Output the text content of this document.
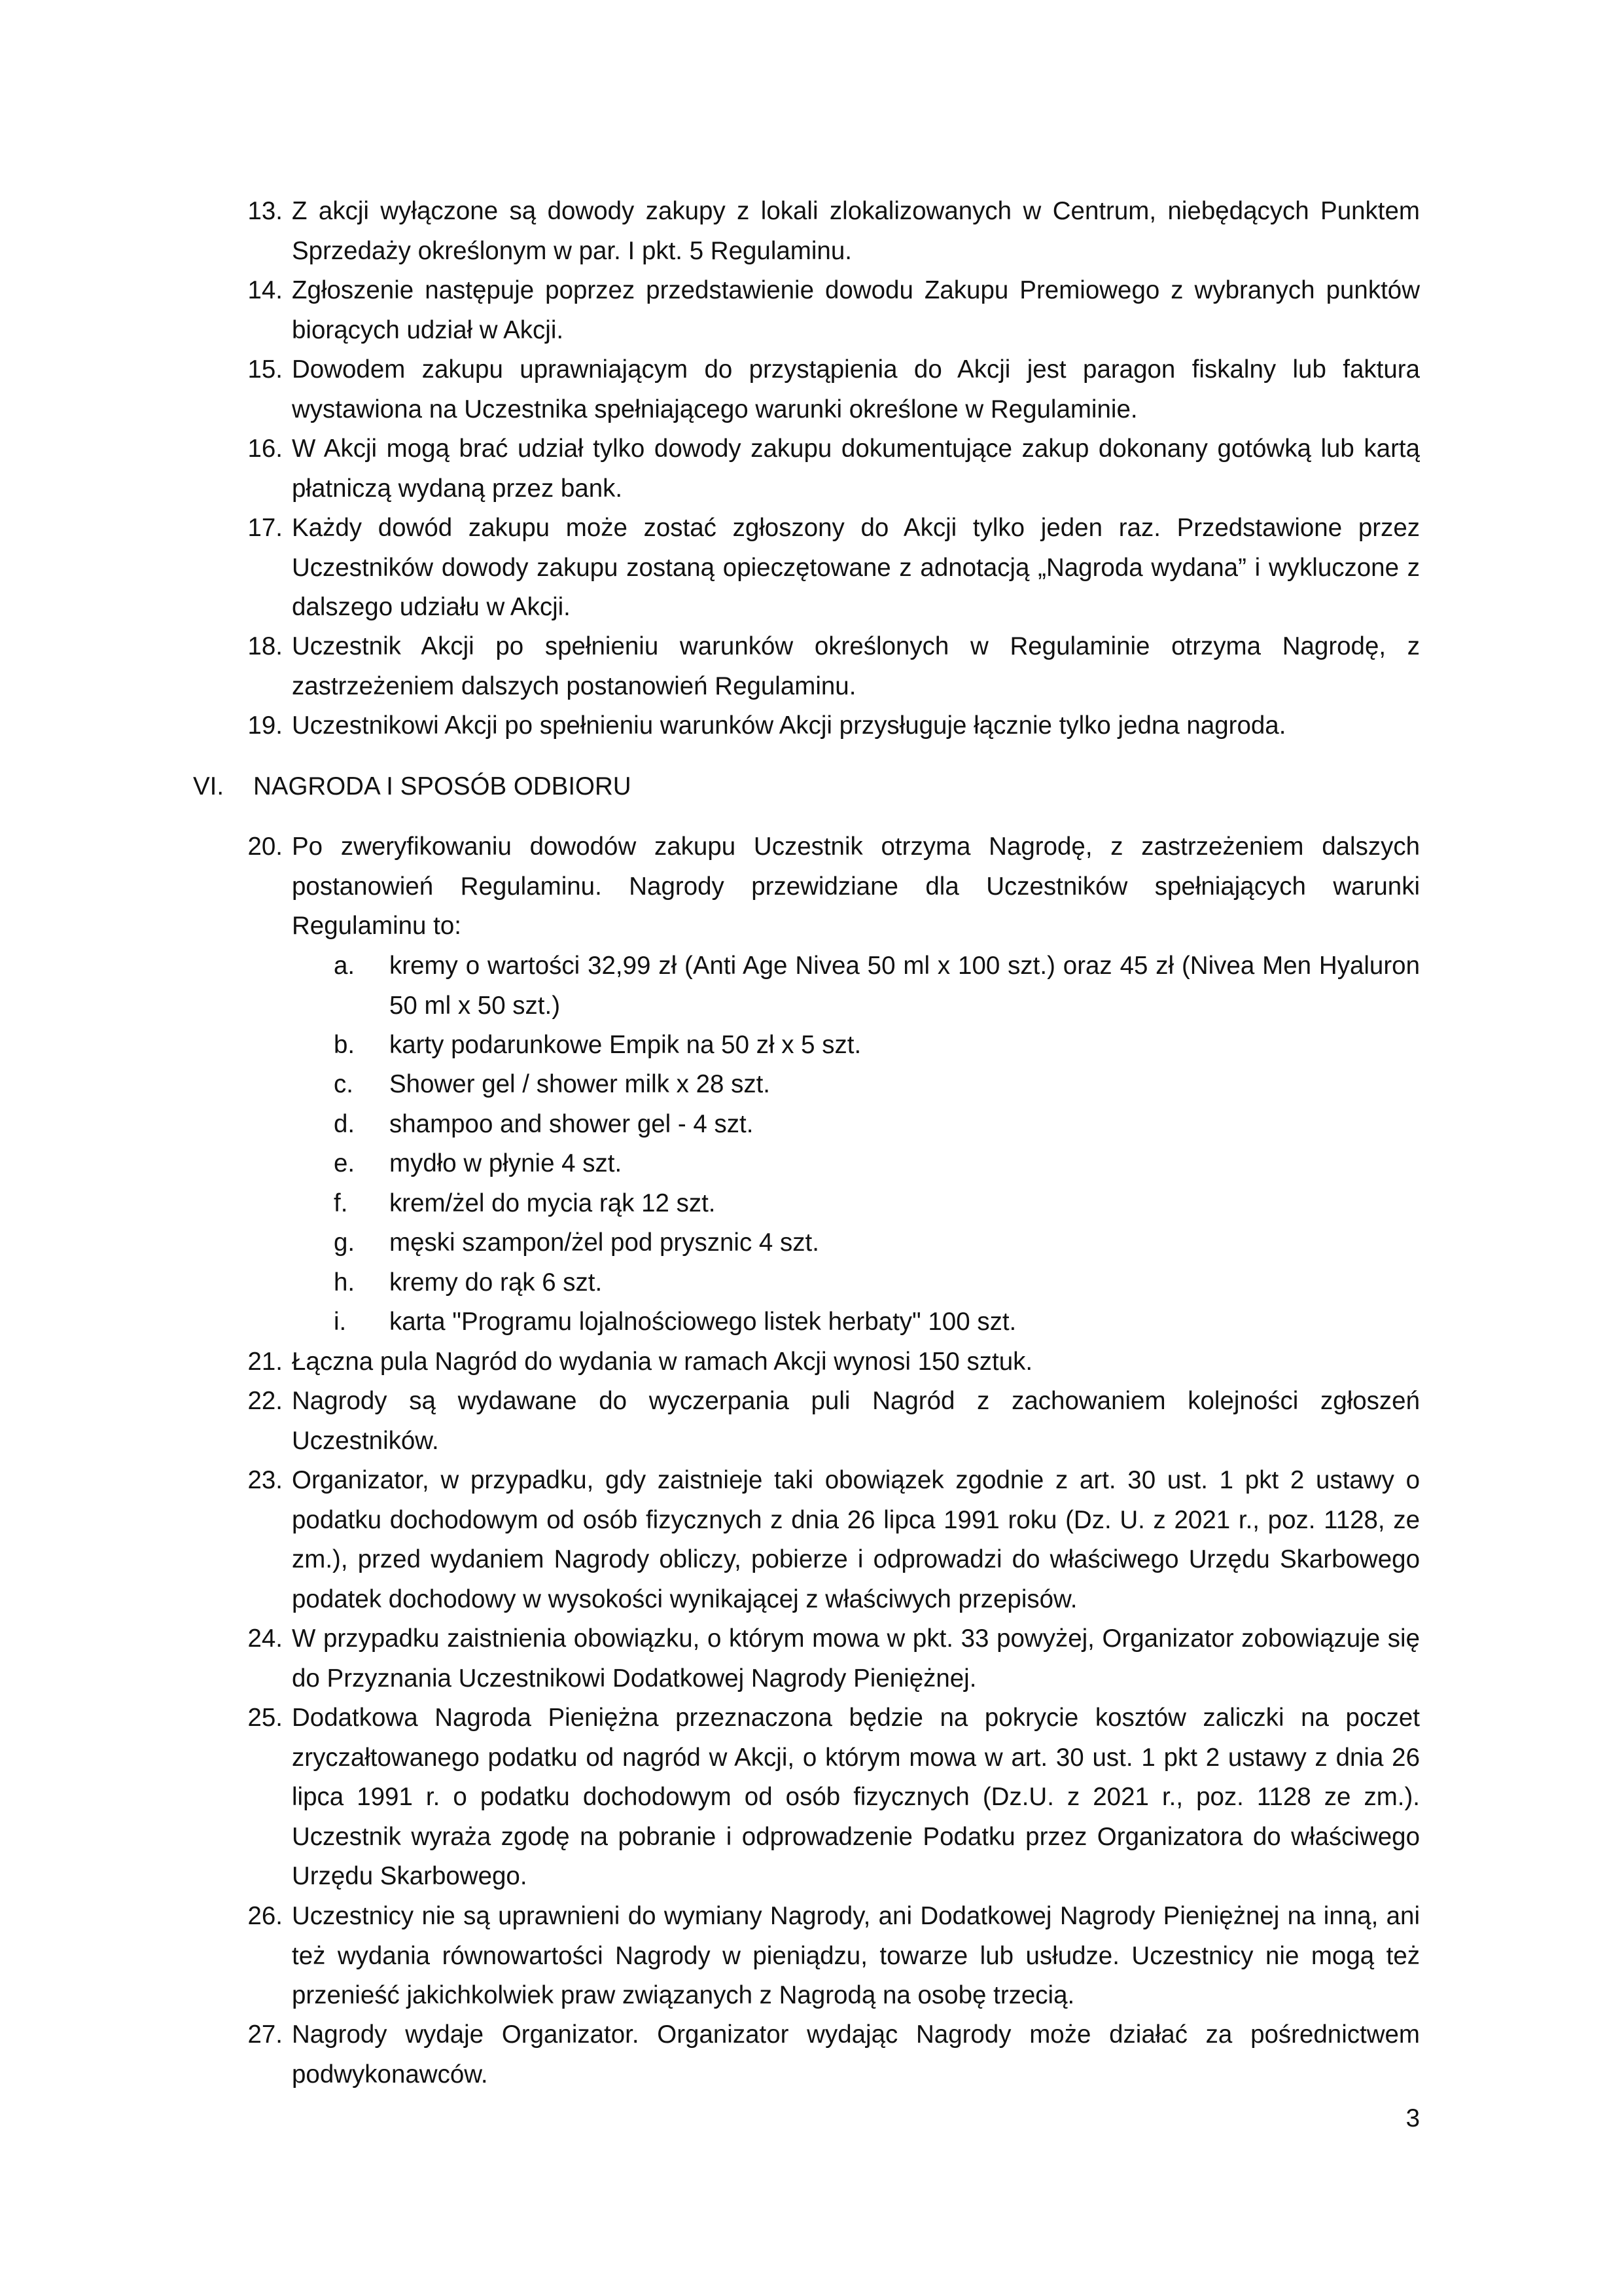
13. Z akcji wyłączone są dowody zakupy z lokali zlokalizowanych w Centrum, niebędących Punktem Sprzedaży określonym w par. I pkt. 5 Regulaminu.
14. Zgłoszenie następuje poprzez przedstawienie dowodu Zakupu Premiowego z wybranych punktów biorących udział w Akcji.
15. Dowodem zakupu uprawniającym do przystąpienia do Akcji jest paragon fiskalny lub faktura wystawiona na Uczestnika spełniającego warunki określone w Regulaminie.
16. W Akcji mogą brać udział tylko dowody zakupu dokumentujące zakup dokonany gotówką lub kartą płatniczą wydaną przez bank.
17. Każdy dowód zakupu może zostać zgłoszony do Akcji tylko jeden raz. Przedstawione przez Uczestników dowody zakupu zostaną opieczętowane z adnotacją „Nagroda wydana” i wykluczone z dalszego udziału w Akcji.
18. Uczestnik Akcji po spełnieniu warunków określonych w Regulaminie otrzyma Nagrodę, z zastrzeżeniem dalszych postanowień Regulaminu.
19. Uczestnikowi Akcji po spełnieniu warunków Akcji przysługuje łącznie tylko jedna nagroda.
VI. NAGRODA I SPOSÓB ODBIORU
20. Po zweryfikowaniu dowodów zakupu Uczestnik otrzyma Nagrodę, z zastrzeżeniem dalszych postanowień Regulaminu. Nagrody przewidziane dla Uczestników spełniających warunki Regulaminu to:
a.	kremy o wartości 32,99 zł (Anti Age Nivea 50 ml x 100 szt.) oraz 45 zł (Nivea Men Hyaluron 50 ml x 50 szt.)
b.	karty podarunkowe Empik na 50 zł x 5 szt.
c.	Shower gel / shower milk x 28 szt.
d.	shampoo and shower gel - 4 szt.
e.	mydło w płynie 4 szt.
f.	krem/żel do mycia rąk 12 szt.
g.	męski szampon/żel pod prysznic 4 szt.
h.	kremy do rąk 6 szt.
i.	karta "Programu lojalnościowego listek herbaty" 100 szt.
21. Łączna pula Nagród do wydania w ramach Akcji wynosi 150 sztuk.
22. Nagrody są wydawane do wyczerpania puli Nagród z zachowaniem kolejności zgłoszeń Uczestników.
23. Organizator, w przypadku, gdy zaistnieje taki obowiązek zgodnie z art. 30 ust. 1 pkt 2 ustawy o podatku dochodowym od osób fizycznych z dnia 26 lipca 1991 roku (Dz. U. z 2021 r., poz. 1128, ze zm.), przed wydaniem Nagrody obliczy, pobierze i odprowadzi do właściwego Urzędu Skarbowego podatek dochodowy w wysokości wynikającej z właściwych przepisów.
24. W przypadku zaistnienia obowiązku, o którym mowa w pkt. 33 powyżej, Organizator zobowiązuje się do Przyznania Uczestnikowi Dodatkowej Nagrody Pieniężnej.
25. Dodatkowa Nagroda Pieniężna przeznaczona będzie na pokrycie kosztów zaliczki na poczet zryczałtowanego podatku od nagród w Akcji, o którym mowa w art. 30 ust. 1 pkt 2 ustawy z dnia 26 lipca 1991 r. o podatku dochodowym od osób fizycznych (Dz.U. z 2021 r., poz. 1128 ze zm.). Uczestnik wyraża zgodę na pobranie i odprowadzenie Podatku przez Organizatora do właściwego Urzędu Skarbowego.
26. Uczestnicy nie są uprawnieni do wymiany Nagrody, ani Dodatkowej Nagrody Pieniężnej na inną, ani też wydania równowartości Nagrody w pieniądzu, towarze lub usłudze. Uczestnicy nie mogą też przenieść jakichkolwiek praw związanych z Nagrodą na osobę trzecią.
27. Nagrody wydaje Organizator. Organizator wydając Nagrody może działać za pośrednictwem podwykonawców.
3
